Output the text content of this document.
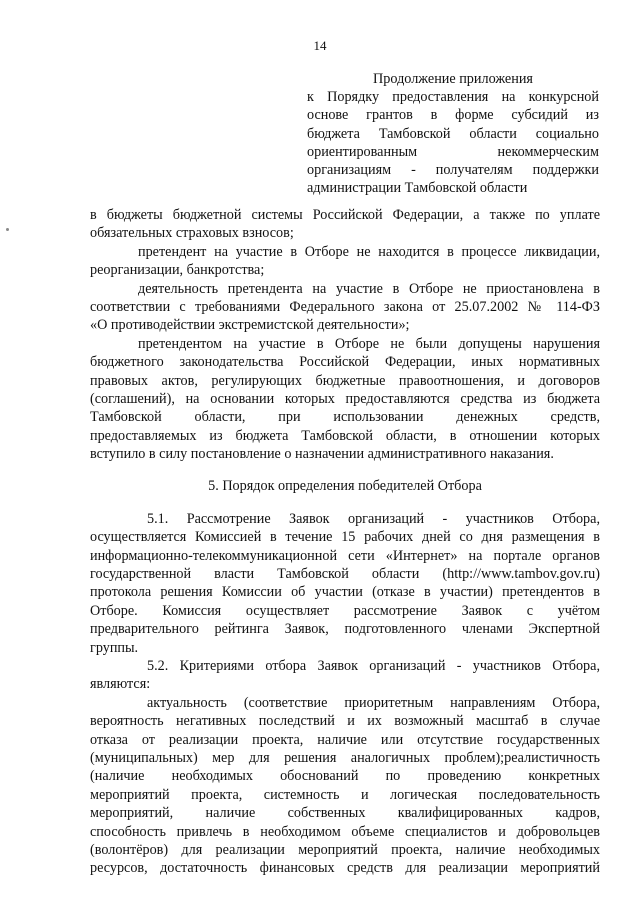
14
Продолжение приложения
к Порядку предоставления на конкурсной
основе грантов в форме субсидий из
бюджета Тамбовской области социально
ориентированным некоммерческим
организациям - получателям поддержки
администрации Тамбовской области
в бюджеты бюджетной системы Российской Федерации, а также по уплате
обязательных страховых взносов;
претендент на участие в Отборе не находится в процессе ликвидации,
реорганизации, банкротства;
деятельность претендента на участие в Отборе не приостановлена в
соответствии с требованиями Федерального закона от 25.07.2002 № 114-ФЗ
«О противодействии экстремистской деятельности»;
претендентом на участие в Отборе не были допущены нарушения
бюджетного законодательства Российской Федерации, иных нормативных
правовых актов, регулирующих бюджетные правоотношения, и договоров
(соглашений), на основании которых предоставляются средства из бюджета
Тамбовской области, при использовании денежных средств,
предоставляемых из бюджета Тамбовской области, в отношении которых
вступило в силу постановление о назначении административного наказания.
5. Порядок определения победителей Отбора
5.1. Рассмотрение Заявок организаций - участников Отбора,
осуществляется Комиссией в течение 15 рабочих дней со дня размещения в
информационно-телекоммуникационной сети «Интернет» на портале органов
государственной власти Тамбовской области (http://www.tambov.gov.ru)
протокола решения Комиссии об участии (отказе в участии) претендентов в
Отборе. Комиссия осуществляет рассмотрение Заявок с учётом
предварительного рейтинга Заявок, подготовленного членами Экспертной
группы.
5.2. Критериями отбора Заявок организаций - участников Отбора,
являются:
актуальность (соответствие приоритетным направлениям Отбора,
вероятность негативных последствий и их возможный масштаб в случае
отказа от реализации проекта, наличие или отсутствие государственных
(муниципальных) мер для решения аналогичных проблем);реалистичность
(наличие необходимых обоснований по проведению конкретных
мероприятий проекта, системность и логическая последовательность
мероприятий, наличие собственных квалифицированных кадров,
способность привлечь в необходимом объеме специалистов и добровольцев
(волонтёров) для реализации мероприятий проекта, наличие необходимых
ресурсов, достаточность финансовых средств для реализации мероприятий
